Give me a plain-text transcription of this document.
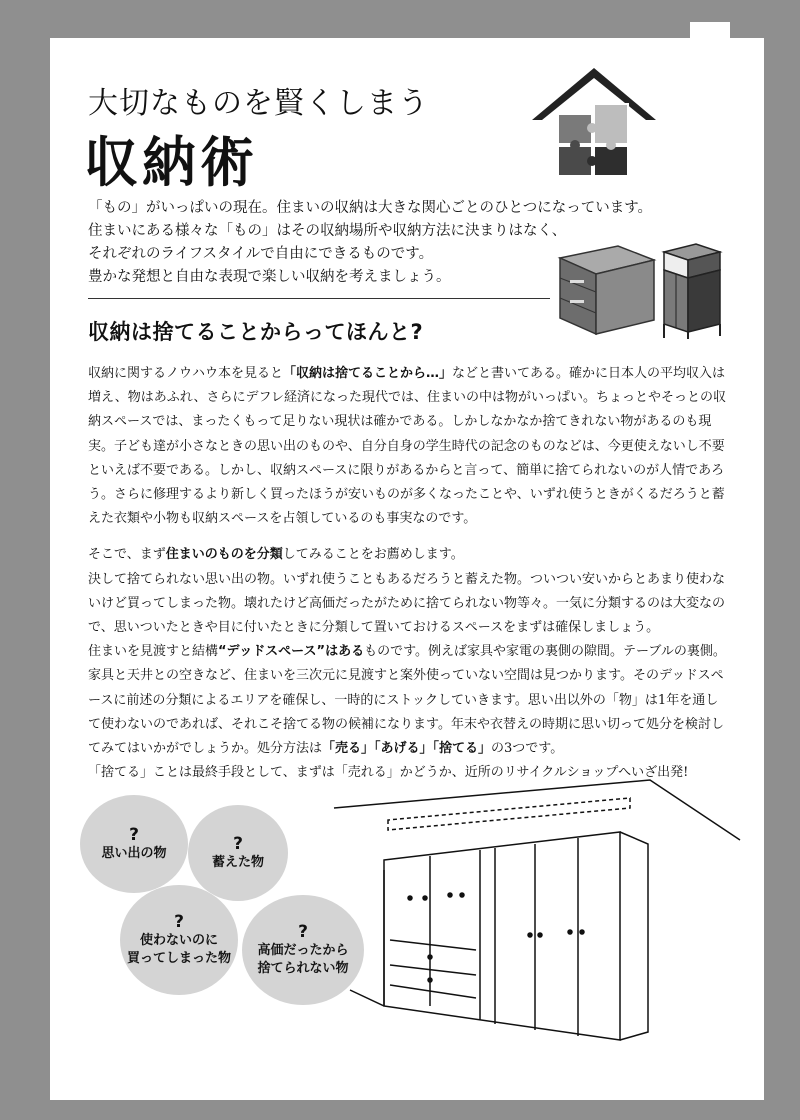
大切なものを賢くしまう
収納術

「もの」がいっぱいの現在。住まいの収納は大きな関心ごとのひとつになっています。

住まいにある様々な「もの」はその収納場所や収納方法に決まりはなく、

それぞれのライフスタイルで自由にできるものです。

豊かな発想と自由な表現で楽しい収納を考えましょう。

収納は捨てることからってほんと?

収納に関するノウハウ本を見ると「収納は捨てることから…」などと書いてある。確かに日本人の平均収入は増え、物はあふれ、さらにデフレ経済になった現代では、住まいの中は物がいっぱい。ちょっとやそっとの収納スペースでは、まったくもって足りない現状は確かである。しかしなかなか捨てきれない物があるのも現実。子ども達が小さなときの思い出のものや、自分自身の学生時代の記念のものなどは、今更使えないし不要といえば不要である。しかし、収納スペースに限りがあるからと言って、簡単に捨てられないのが人情であろう。さらに修理するより新しく買ったほうが安いものが多くなったことや、いずれ使うときがくるだろうと蓄えた衣類や小物も収納スペースを占領しているのも事実なのです。

そこで、まず住まいのものを分類してみることをお薦めします。

決して捨てられない思い出の物。いずれ使うこともあるだろうと蓄えた物。ついつい安いからとあまり使わないけど買ってしまった物。壊れたけど高価だったがために捨てられない物等々。一気に分類するのは大変なので、思いついたときや目に付いたときに分類して置いておけるスペースをまずは確保しましょう。

住まいを見渡すと結構“デッドスペース”はあるものです。例えば家具や家電の裏側の隙間。テーブルの裏側。家具と天井との空きなど、住まいを三次元に見渡すと案外使っていない空間は見つかります。そのデッドスペースに前述の分類によるエリアを確保し、一時的にストックしていきます。思い出以外の「物」は1年を通して使わないのであれば、それこそ捨てる物の候補になります。年末や衣替えの時期に思い切って処分を検討してみてはいかがでしょうか。処分方法は「売る」「あげる」「捨てる」の3つです。

「捨てる」ことは最終手段として、まずは「売れる」かどうか、近所のリサイクルショップへいざ出発!

?
思い出の物	?
蓄えた物
?
使わないのに
買ってしまった物
?
高価だったから
捨てられない物
